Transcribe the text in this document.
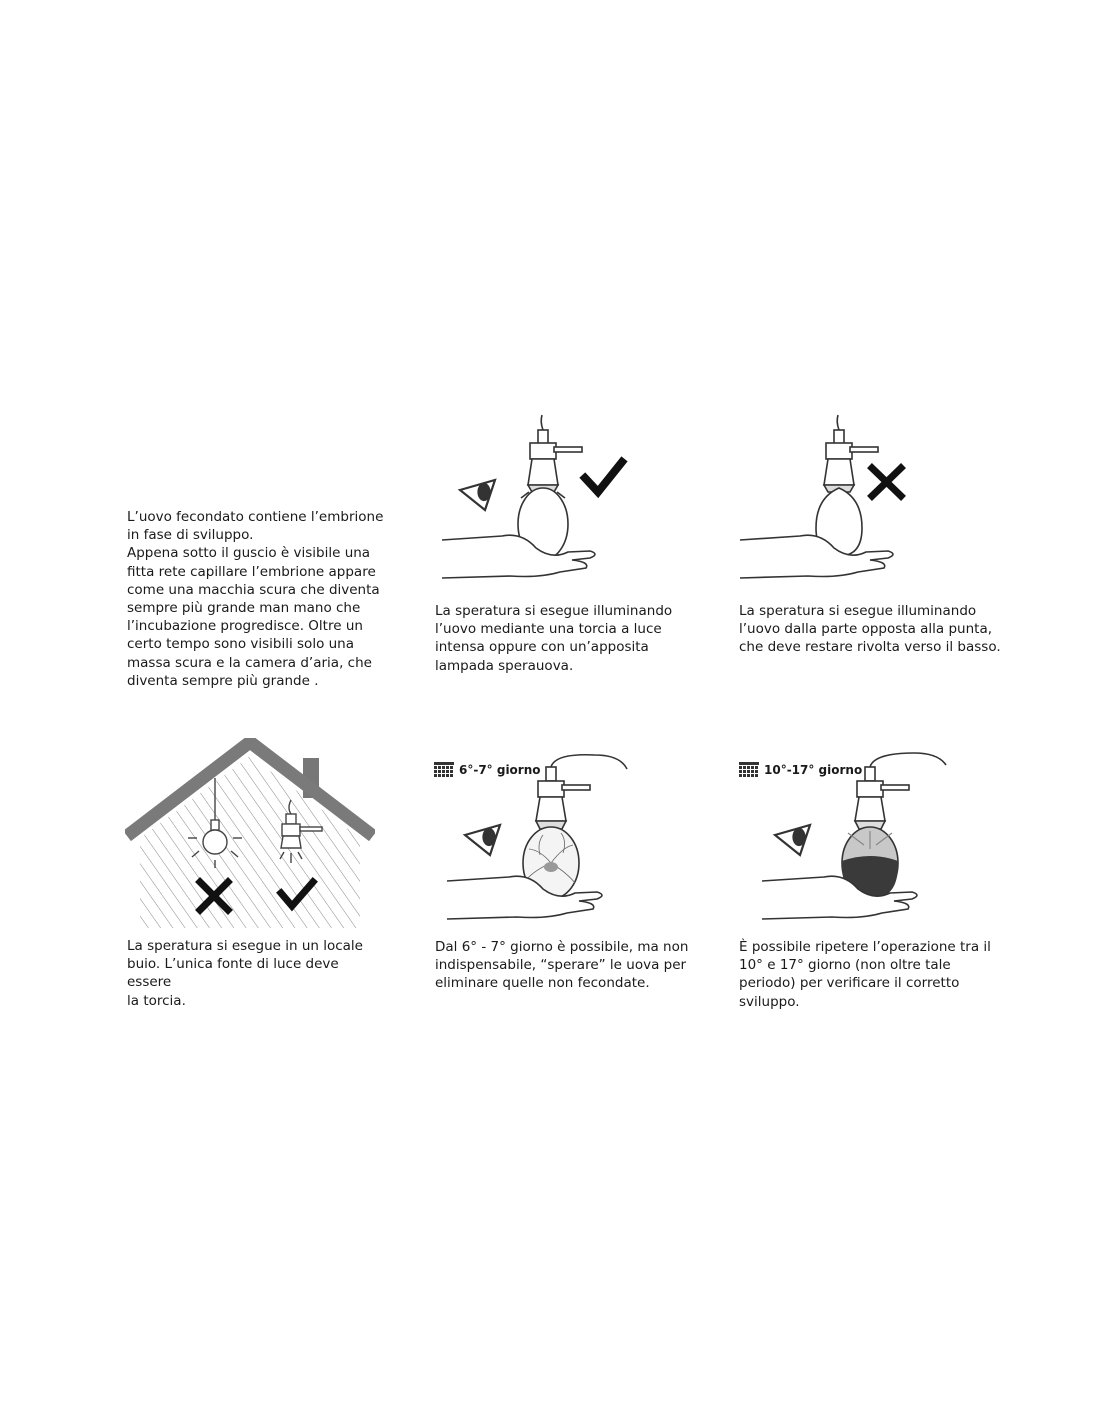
L’uovo fecondato contiene l’embrione
in fase di sviluppo.
Appena sotto il guscio è visibile una
fitta rete capillare l’embrione appare
come una macchia scura che diventa
sempre più grande man mano che
l’incubazione progredisce. Oltre un
certo tempo sono visibili solo una
massa scura e la camera d’aria, che
diventa sempre più grande .
La speratura si esegue illuminando
l’uovo mediante una torcia a luce
intensa oppure con un’apposita
lampada sperauova.
La speratura si esegue illuminando
l’uovo dalla parte opposta alla punta,
che deve restare rivolta verso il basso.
La speratura si esegue in un locale
buio. L’unica fonte di luce deve essere
la torcia.
6°-7° giorno
Dal 6° - 7° giorno è possibile, ma non
indispensabile, “sperare” le uova per
eliminare quelle non fecondate.
10°-17° giorno
È possibile ripetere l’operazione tra il
10° e 17° giorno (non oltre tale
periodo) per verificare il corretto
sviluppo.
